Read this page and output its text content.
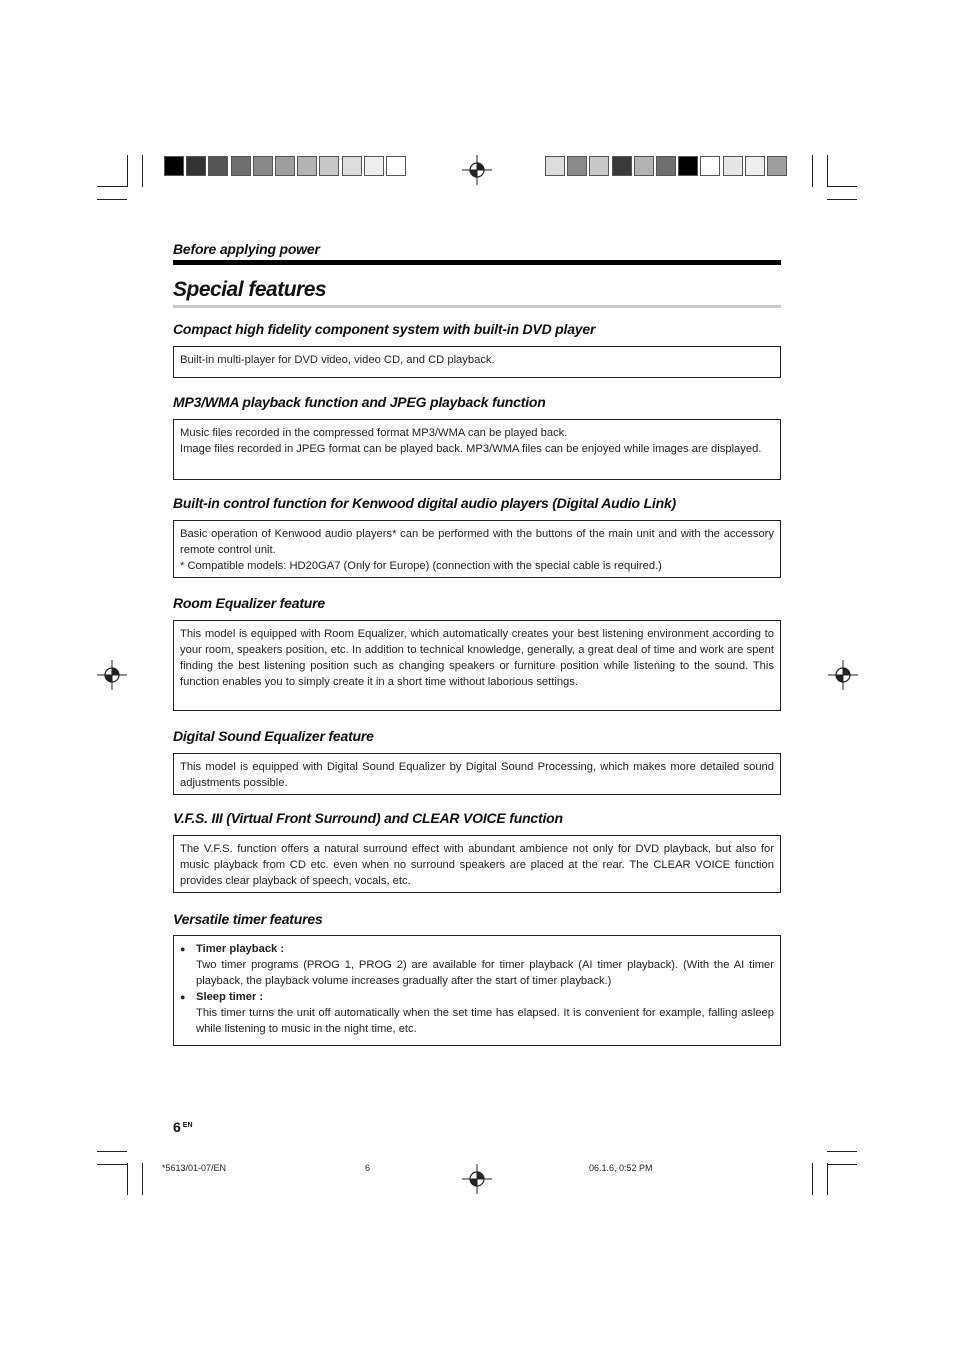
Before applying power
Special features
Compact high fidelity component system with built-in DVD player

Built-in multi-player for DVD video, video CD, and CD playback.

MP3/WMA playback function and JPEG playback function

Music files recorded in the compressed format MP3/WMA can be played back.

Image files recorded in JPEG format can be played back. MP3/WMA files can be enjoyed while images are displayed.

Built-in control function for Kenwood digital audio players (Digital Audio Link)

Basic operation of Kenwood audio players* can be performed with the buttons of the main unit and with the accessory remote control unit.

* Compatible models: HD20GA7 (Only for Europe) (connection with the special cable is required.)

Room Equalizer feature

This model is equipped with Room Equalizer, which automatically creates your best listening environment according to your room, speakers position, etc. In addition to technical knowledge, generally, a great deal of time and work are spent finding the best listening position such as changing speakers or furniture position while listening to the sound. This function enables you to simply create it in a short time without laborious settings.

Digital Sound Equalizer feature

This model is equipped with Digital Sound Equalizer by Digital Sound Processing, which makes more detailed sound adjustments possible.

V.F.S. III (Virtual Front Surround) and CLEAR VOICE function

The V.F.S. function offers a natural surround effect with abundant ambience not only for DVD playback, but also for music playback from CD etc. even when no surround speakers are placed at the rear. The CLEAR VOICE function provides clear playback of speech, vocals, etc.

Versatile timer features
● Timer playback :
Two timer programs (PROG 1, PROG 2) are available for timer playback (AI timer playback). (With the AI timer playback, the playback volume increases gradually after the start of timer playback.)
● Sleep timer :
This timer turns the unit off automatically when the set time has elapsed. It is convenient for example, falling asleep while listening to music in the night time, etc.
6 $^{EN}$
*5613/01-07/EN	6	06.1.6, 0:52 PM
